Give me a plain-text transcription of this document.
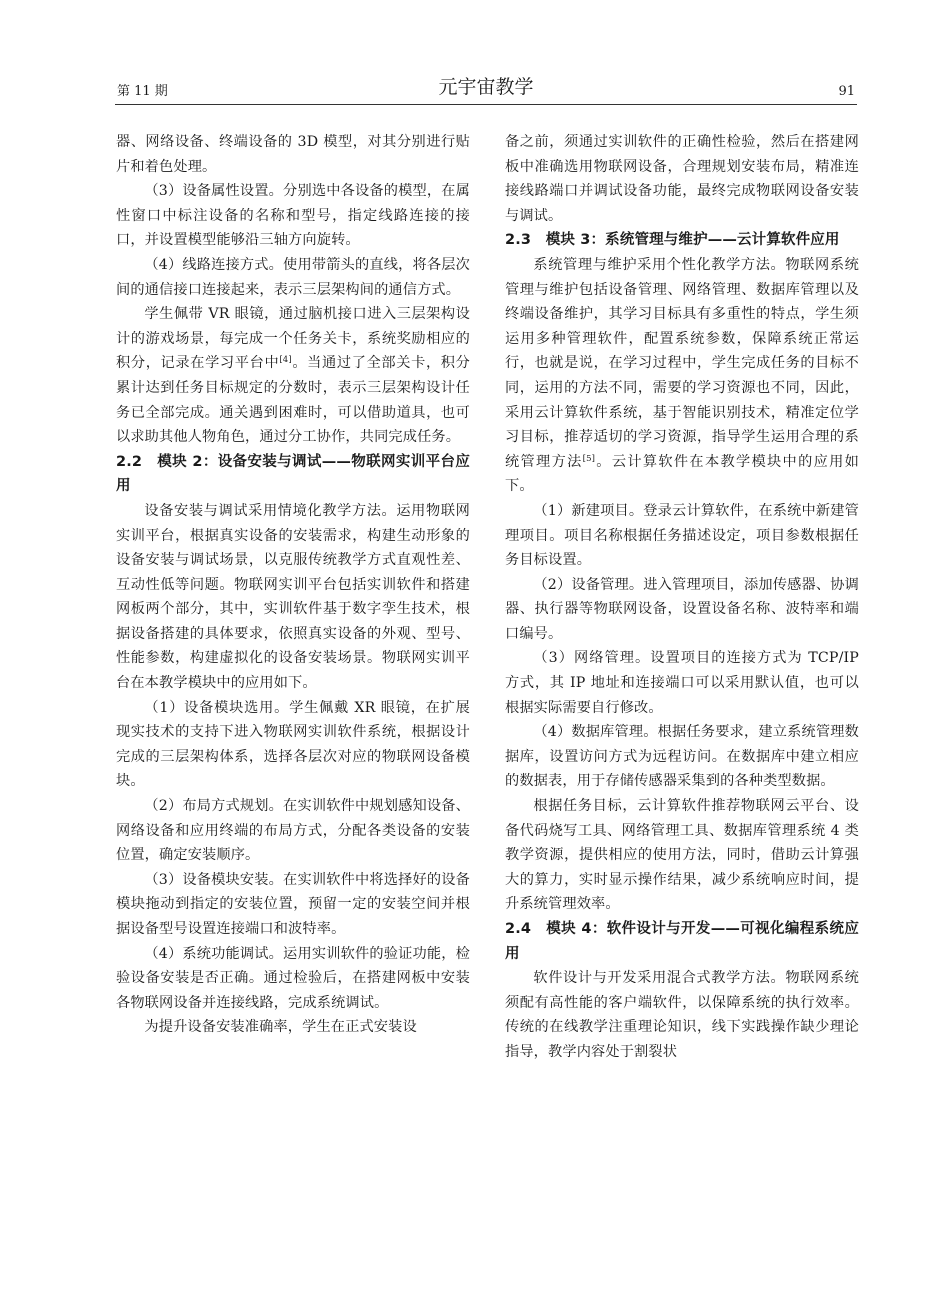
第 11 期	元宇宙教学	91

器、网络设备、终端设备的 3D 模型，对其分别进行贴片和着色处理。

（3）设备属性设置。分别选中各设备的模型，在属性窗口中标注设备的名称和型号，指定线路连接的接口，并设置模型能够沿三轴方向旋转。

（4）线路连接方式。使用带箭头的直线，将各层次间的通信接口连接起来，表示三层架构间的通信方式。

学生佩带 VR 眼镜，通过脑机接口进入三层架构设计的游戏场景，每完成一个任务关卡，系统奖励相应的积分，记录在学习平台中[4]。当通过了全部关卡，积分累计达到任务目标规定的分数时，表示三层架构设计任务已全部完成。通关遇到困难时，可以借助道具，也可以求助其他人物角色，通过分工协作，共同完成任务。

2.2　模块 2：设备安装与调试——物联网实训平台应用

设备安装与调试采用情境化教学方法。运用物联网实训平台，根据真实设备的安装需求，构建生动形象的设备安装与调试场景，以克服传统教学方式直观性差、互动性低等问题。物联网实训平台包括实训软件和搭建网板两个部分，其中，实训软件基于数字孪生技术，根据设备搭建的具体要求，依照真实设备的外观、型号、性能参数，构建虚拟化的设备安装场景。物联网实训平台在本教学模块中的应用如下。

（1）设备模块选用。学生佩戴 XR 眼镜，在扩展现实技术的支持下进入物联网实训软件系统，根据设计完成的三层架构体系，选择各层次对应的物联网设备模块。

（2）布局方式规划。在实训软件中规划感知设备、网络设备和应用终端的布局方式，分配各类设备的安装位置，确定安装顺序。

（3）设备模块安装。在实训软件中将选择好的设备模块拖动到指定的安装位置，预留一定的安装空间并根据设备型号设置连接端口和波特率。

（4）系统功能调试。运用实训软件的验证功能，检验设备安装是否正确。通过检验后，在搭建网板中安装各物联网设备并连接线路，完成系统调试。

为提升设备安装准确率，学生在正式安装设

备之前，须通过实训软件的正确性检验，然后在搭建网板中准确选用物联网设备，合理规划安装布局，精准连接线路端口并调试设备功能，最终完成物联网设备安装与调试。

2.3　模块 3：系统管理与维护——云计算软件应用

系统管理与维护采用个性化教学方法。物联网系统管理与维护包括设备管理、网络管理、数据库管理以及终端设备维护，其学习目标具有多重性的特点，学生须运用多种管理软件，配置系统参数，保障系统正常运行，也就是说，在学习过程中，学生完成任务的目标不同，运用的方法不同，需要的学习资源也不同，因此，采用云计算软件系统，基于智能识别技术，精准定位学习目标，推荐适切的学习资源，指导学生运用合理的系统管理方法[5]。云计算软件在本教学模块中的应用如下。

（1）新建项目。登录云计算软件，在系统中新建管理项目。项目名称根据任务描述设定，项目参数根据任务目标设置。

（2）设备管理。进入管理项目，添加传感器、协调器、执行器等物联网设备，设置设备名称、波特率和端口编号。

（3）网络管理。设置项目的连接方式为 TCP/IP 方式，其 IP 地址和连接端口可以采用默认值，也可以根据实际需要自行修改。

（4）数据库管理。根据任务要求，建立系统管理数据库，设置访问方式为远程访问。在数据库中建立相应的数据表，用于存储传感器采集到的各种类型数据。

根据任务目标，云计算软件推荐物联网云平台、设备代码烧写工具、网络管理工具、数据库管理系统 4 类教学资源，提供相应的使用方法，同时，借助云计算强大的算力，实时显示操作结果，减少系统响应时间，提升系统管理效率。

2.4　模块 4：软件设计与开发——可视化编程系统应用

软件设计与开发采用混合式教学方法。物联网系统须配有高性能的客户端软件，以保障系统的执行效率。传统的在线教学注重理论知识，线下实践操作缺少理论指导，教学内容处于割裂状
